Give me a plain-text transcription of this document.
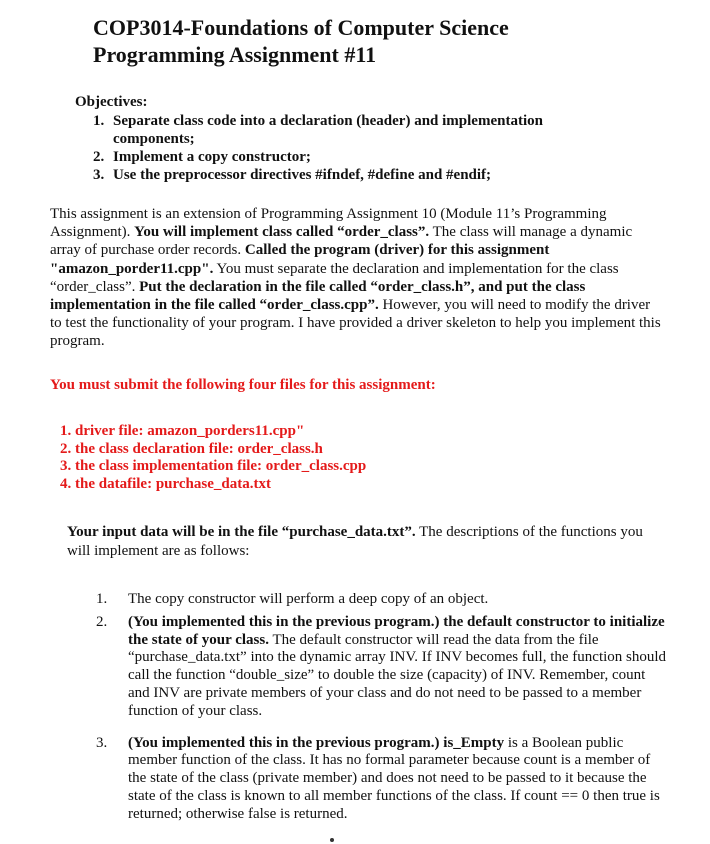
COP3014-Foundations of Computer Science
Programming Assignment #11
Objectives:
1. Separate class code into a declaration (header) and implementation components;
2. Implement a copy constructor;
3. Use the preprocessor directives #ifndef, #define and #endif;

This assignment is an extension of Programming Assignment 10 (Module 11’s Programming Assignment). You will implement class called “order_class”. The class will manage a dynamic array of purchase order records. Called the program (driver) for this assignment "amazon_porder11.cpp". You must separate the declaration and implementation for the class “order_class”. Put the declaration in the file called “order_class.h”, and put the class implementation in the file called “order_class.cpp”. However, you will need to modify the driver to test the functionality of your program. I have provided a driver skeleton to help you implement this program.

You must submit the following four files for this assignment:
1. driver file: amazon_porders11.cpp"
2. the class declaration file: order_class.h
3. the class implementation file: order_class.cpp
4. the datafile: purchase_data.txt

Your input data will be in the file “purchase_data.txt”. The descriptions of the functions you will implement are as follows:

1. The copy constructor will perform a deep copy of an object.
2. (You implemented this in the previous program.) the default constructor to initialize the state of your class. The default constructor will read the data from the file “purchase_data.txt” into the dynamic array INV. If INV becomes full, the function should call the function “double_size” to double the size (capacity) of INV. Remember, count and INV are private members of your class and do not need to be passed to a member function of your class.
3. (You implemented this in the previous program.) is_Empty is a Boolean public member function of the class. It has no formal parameter because count is a member of the state of the class (private member) and does not need to be passed to it because the state of the class is known to all member functions of the class. If count == 0 then true is returned; otherwise false is returned.
